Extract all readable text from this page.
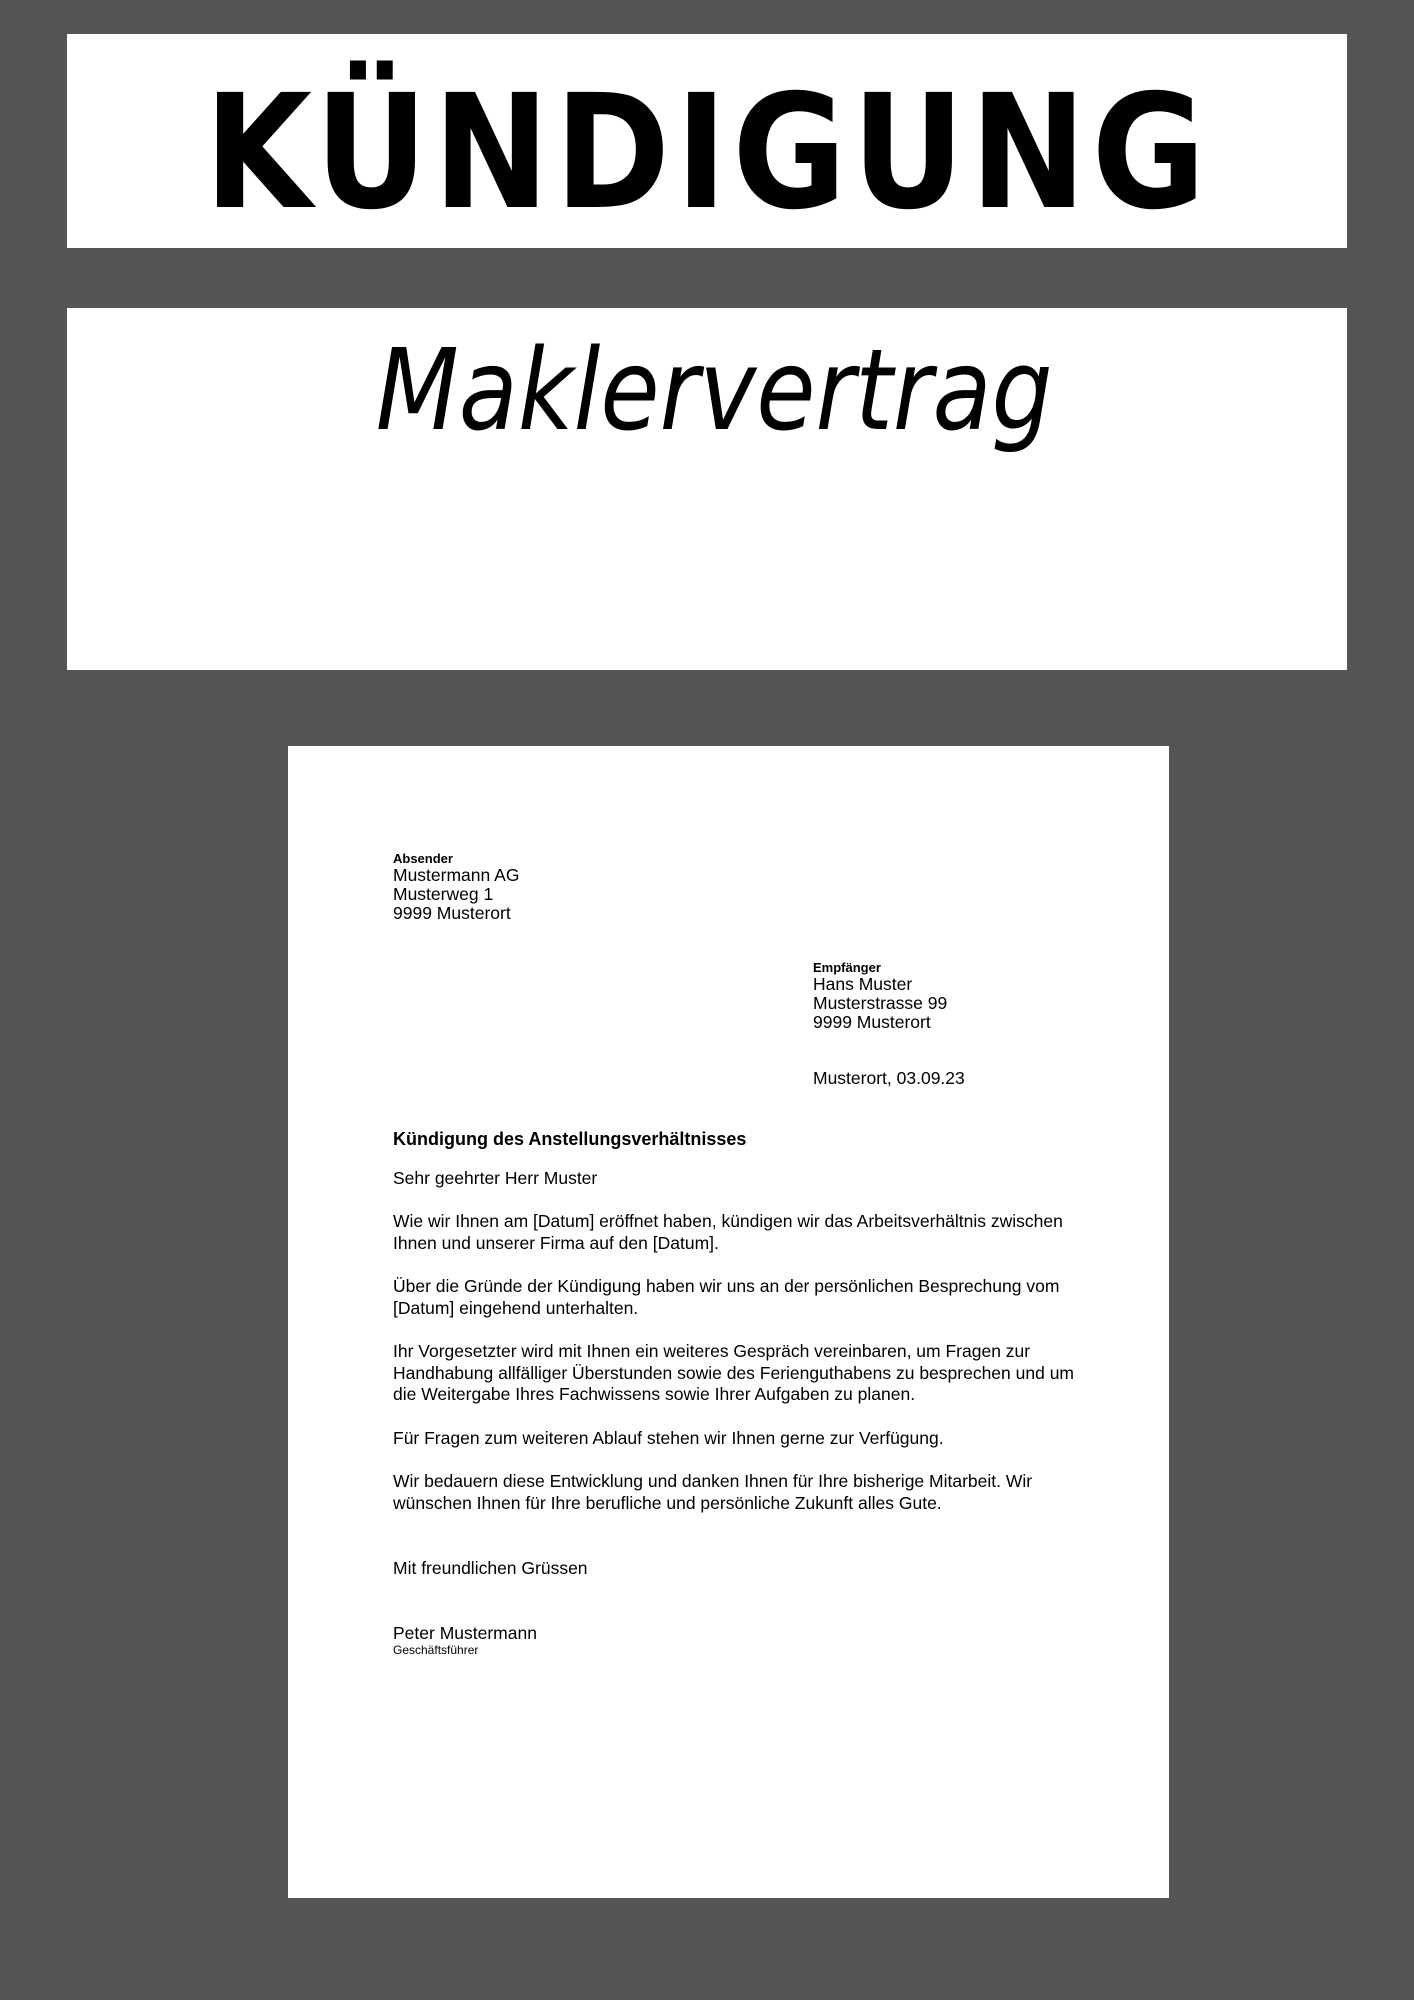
KÜNDIGUNG
Maklervertrag
Absender
Mustermann AG
Musterweg 1
9999 Musterort
Empfänger
Hans Muster
Musterstrasse 99
9999 Musterort
Musterort, 03.09.23
Kündigung des Anstellungsverhältnisses

Sehr geehrter Herr Muster

Wie wir Ihnen am [Datum] eröffnet haben, kündigen wir das Arbeitsverhältnis zwischen Ihnen und unserer Firma auf den [Datum].

Über die Gründe der Kündigung haben wir uns an der persönlichen Besprechung vom [Datum] eingehend unterhalten.

Ihr Vorgesetzter wird mit Ihnen ein weiteres Gespräch vereinbaren, um Fragen zur Handhabung allfälliger Überstunden sowie des Ferienguthabens zu besprechen und um die Weitergabe Ihres Fachwissens sowie Ihrer Aufgaben zu planen.

Für Fragen zum weiteren Ablauf stehen wir Ihnen gerne zur Verfügung.

Wir bedauern diese Entwicklung und danken Ihnen für Ihre bisherige Mitarbeit. Wir wünschen Ihnen für Ihre berufliche und persönliche Zukunft alles Gute.

Mit freundlichen Grüssen
Peter Mustermann
Geschäftsführer
